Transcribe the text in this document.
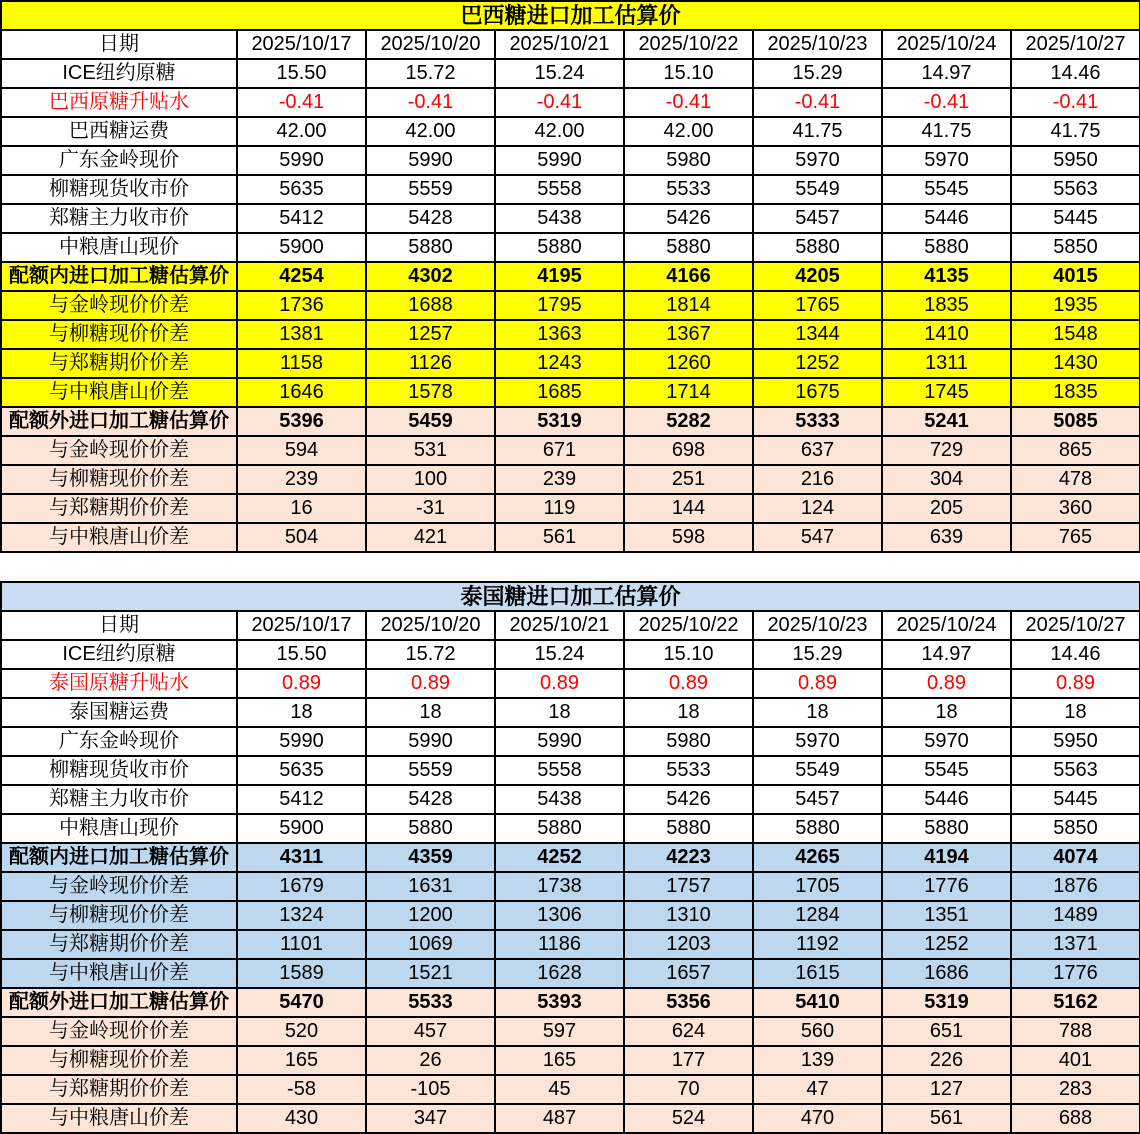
巴西糖进口加工估算价							
日期	2025/10/17	2025/10/20	2025/10/21	2025/10/22	2025/10/23	2025/10/24	2025/10/27
ICE纽约原糖	15.50	15.72	15.24	15.10	15.29	14.97	14.46
巴西原糖升贴水	-0.41	-0.41	-0.41	-0.41	-0.41	-0.41	-0.41
巴西糖运费	42.00	42.00	42.00	42.00	41.75	41.75	41.75
广东金岭现价	5990	5990	5990	5980	5970	5970	5950
柳糖现货收市价	5635	5559	5558	5533	5549	5545	5563
郑糖主力收市价	5412	5428	5438	5426	5457	5446	5445
中粮唐山现价	5900	5880	5880	5880	5880	5880	5850
配额内进口加工糖估算价	4254	4302	4195	4166	4205	4135	4015
与金岭现价价差	1736	1688	1795	1814	1765	1835	1935
与柳糖现价价差	1381	1257	1363	1367	1344	1410	1548
与郑糖期价价差	1158	1126	1243	1260	1252	1311	1430
与中粮唐山价差	1646	1578	1685	1714	1675	1745	1835
配额外进口加工糖估算价	5396	5459	5319	5282	5333	5241	5085
与金岭现价价差	594	531	671	698	637	729	865
与柳糖现价价差	239	100	239	251	216	304	478
与郑糖期价价差	16	-31	119	144	124	205	360
与中粮唐山价差	504	421	561	598	547	639	765
泰国糖进口加工估算价							
日期	2025/10/17	2025/10/20	2025/10/21	2025/10/22	2025/10/23	2025/10/24	2025/10/27
ICE纽约原糖	15.50	15.72	15.24	15.10	15.29	14.97	14.46
泰国原糖升贴水	0.89	0.89	0.89	0.89	0.89	0.89	0.89
泰国糖运费	18	18	18	18	18	18	18
广东金岭现价	5990	5990	5990	5980	5970	5970	5950
柳糖现货收市价	5635	5559	5558	5533	5549	5545	5563
郑糖主力收市价	5412	5428	5438	5426	5457	5446	5445
中粮唐山现价	5900	5880	5880	5880	5880	5880	5850
配额内进口加工糖估算价	4311	4359	4252	4223	4265	4194	4074
与金岭现价价差	1679	1631	1738	1757	1705	1776	1876
与柳糖现价价差	1324	1200	1306	1310	1284	1351	1489
与郑糖期价价差	1101	1069	1186	1203	1192	1252	1371
与中粮唐山价差	1589	1521	1628	1657	1615	1686	1776
配额外进口加工糖估算价	5470	5533	5393	5356	5410	5319	5162
与金岭现价价差	520	457	597	624	560	651	788
与柳糖现价价差	165	26	165	177	139	226	401
与郑糖期价价差	-58	-105	45	70	47	127	283
与中粮唐山价差	430	347	487	524	470	561	688
